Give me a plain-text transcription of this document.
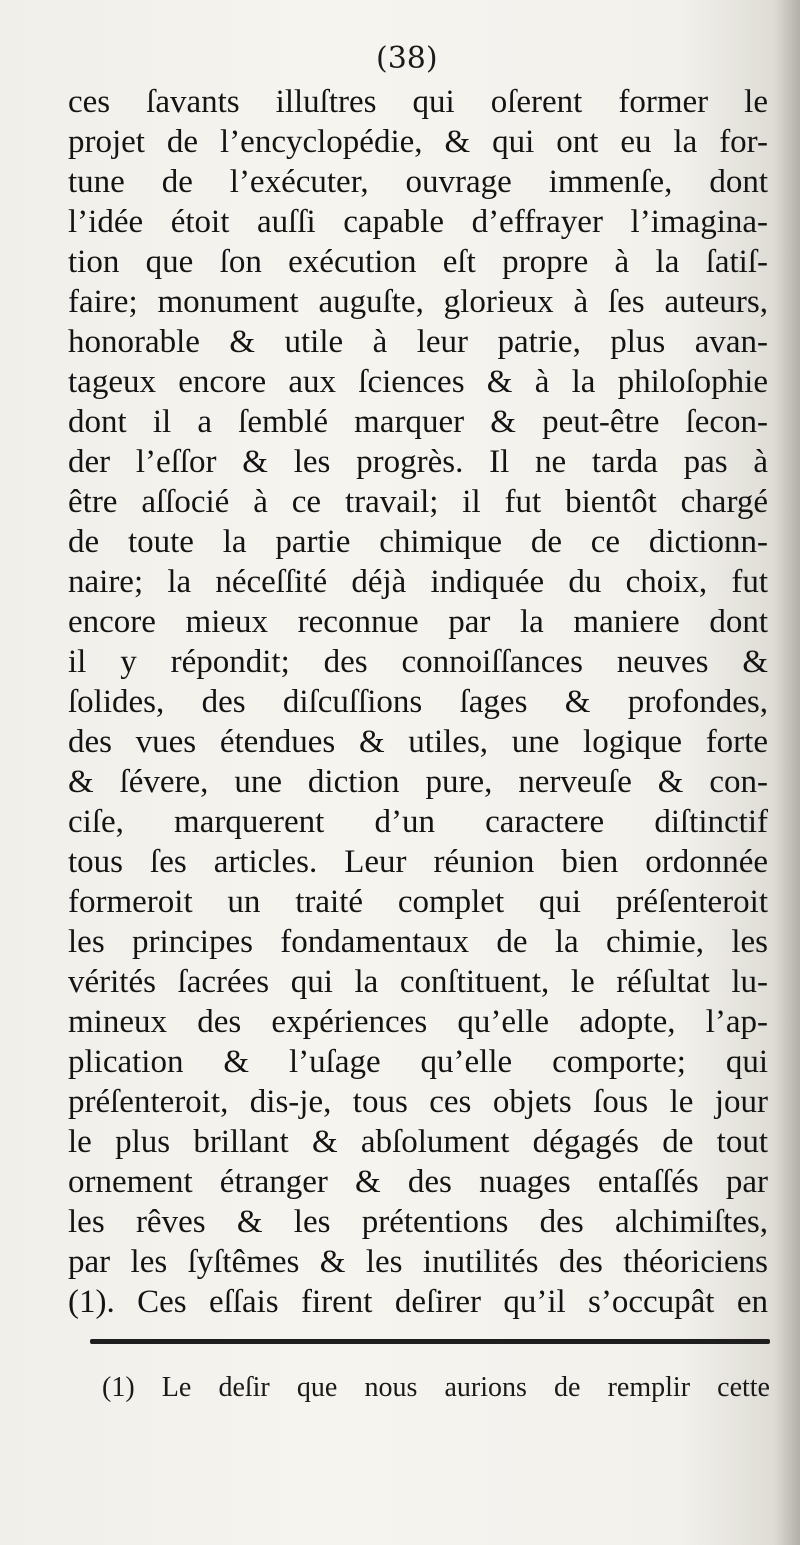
(38)
ces ſavants illuſtres qui oſerent former le
projet de l’encyclopédie, & qui ont eu la for-
tune de l’exécuter, ouvrage immenſe, dont
l’idée étoit auſſi capable d’effrayer l’imagina-
tion que ſon exécution eſt propre à la ſatiſ-
faire; monument auguſte, glorieux à ſes auteurs,
honorable & utile à leur patrie, plus avan-
tageux encore aux ſciences & à la philoſophie
dont il a ſemblé marquer & peut-être ſecon-
der l’eſſor & les progrès. Il ne tarda pas à
être aſſocié à ce travail; il fut bientôt chargé
de toute la partie chimique de ce dictionn-
naire; la néceſſité déjà indiquée du choix, fut
encore mieux reconnue par la maniere dont
il y répondit; des connoiſſances neuves &
ſolides, des diſcuſſions ſages & profondes,
des vues étendues & utiles, une logique forte
& ſévere, une diction pure, nerveuſe & con-
ciſe, marquerent d’un caractere diſtinctif
tous ſes articles. Leur réunion bien ordonnée
formeroit un traité complet qui préſenteroit
les principes fondamentaux de la chimie, les
vérités ſacrées qui la conſtituent, le réſultat lu-
mineux des expériences qu’elle adopte, l’ap-
plication & l’uſage qu’elle comporte; qui
préſenteroit, dis-je, tous ces objets ſous le jour
le plus brillant & abſolument dégagés de tout
ornement étranger & des nuages entaſſés par
les rêves & les prétentions des alchimiſtes,
par les ſyſtêmes & les inutilités des théoriciens
(1). Ces eſſais firent deſirer qu’il s’occupât en
(1) Le deſir que nous aurions de remplir cette
